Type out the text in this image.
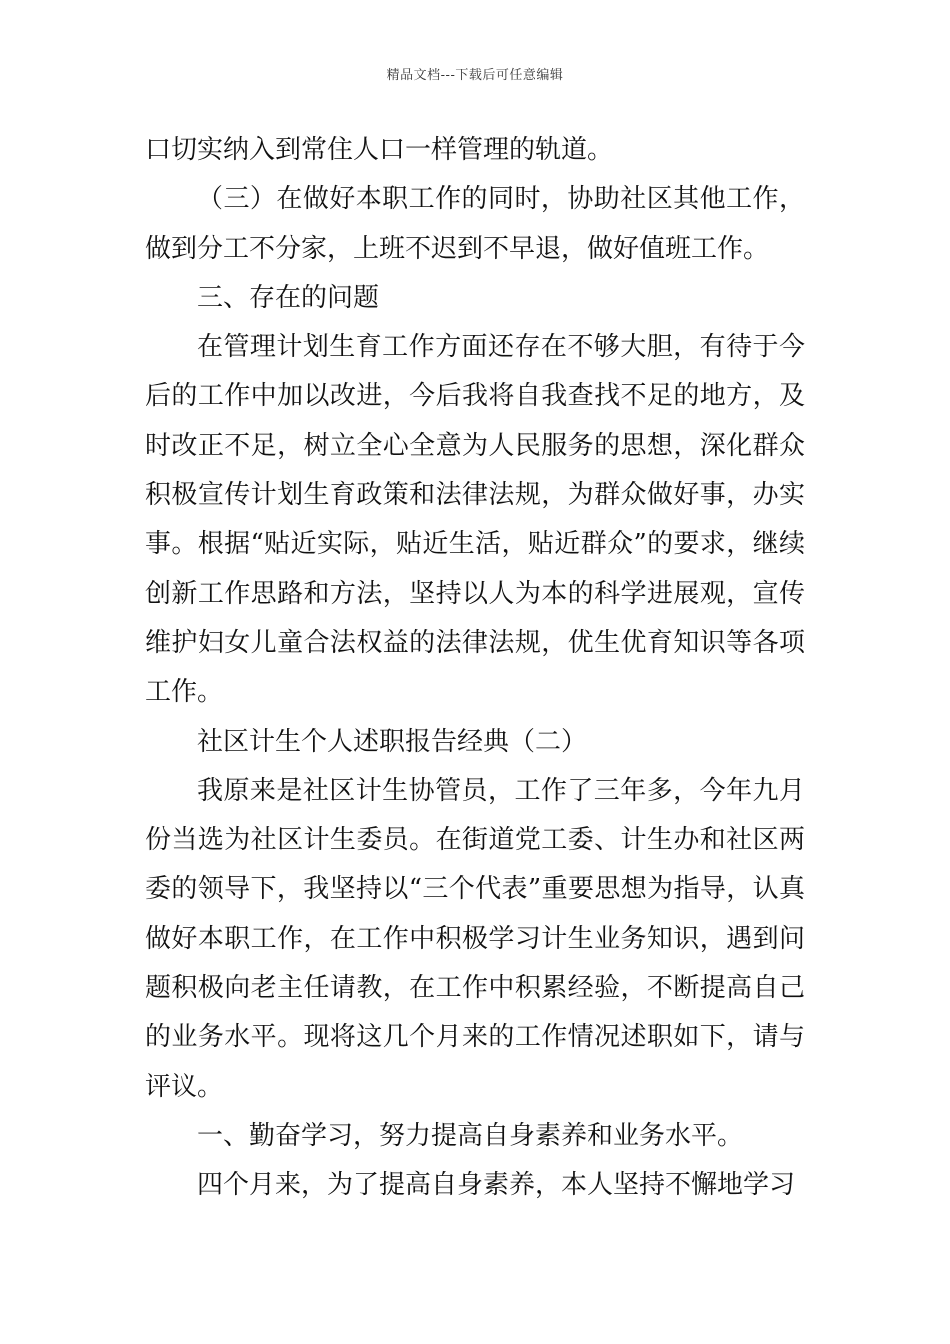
精品文档---下载后可任意编辑

口切实纳入到常住人口一样管理的轨道。

（三）在做好本职工作的同时，协助社区其他工作，做到分工不分家，上班不迟到不早退，做好值班工作。

三、存在的问题

在管理计划生育工作方面还存在不够大胆，有待于今后的工作中加以改进，今后我将自我查找不足的地方，及时改正不足，树立全心全意为人民服务的思想，深化群众积极宣传计划生育政策和法律法规，为群众做好事，办实事。根据“贴近实际，贴近生活，贴近群众”的要求，继续创新工作思路和方法，坚持以人为本的科学进展观，宣传维护妇女儿童合法权益的法律法规，优生优育知识等各项工作。

社区计生个人述职报告经典（二）

我原来是社区计生协管员，工作了三年多，今年九月份当选为社区计生委员。在街道党工委、计生办和社区两委的领导下，我坚持以“三个代表”重要思想为指导，认真做好本职工作，在工作中积极学习计生业务知识，遇到问题积极向老主任请教，在工作中积累经验，不断提高自己的业务水平。现将这几个月来的工作情况述职如下，请与评议。

一、勤奋学习，努力提高自身素养和业务水平。

四个月来，为了提高自身素养，本人坚持不懈地学习
